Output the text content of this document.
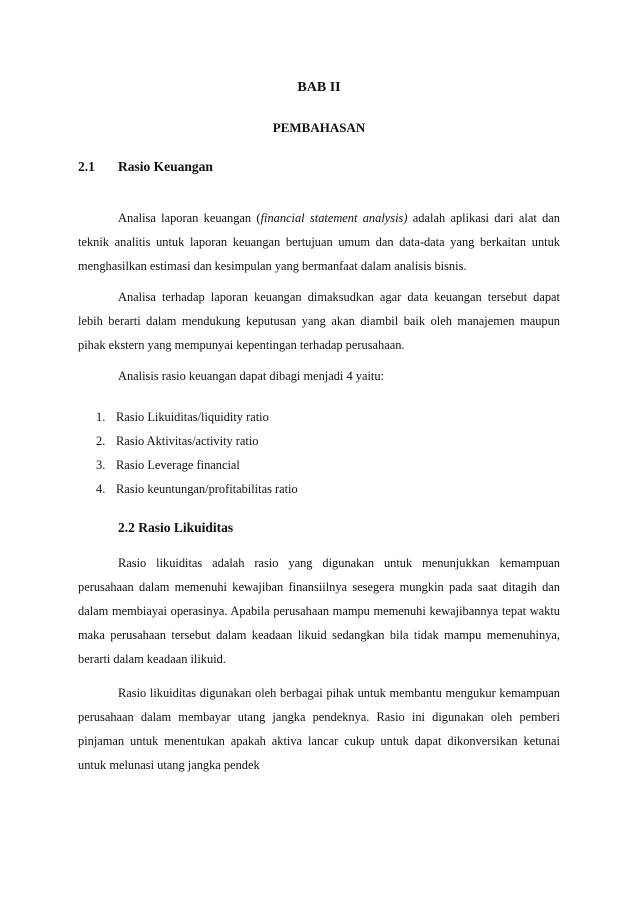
BAB II
PEMBAHASAN
2.1 Rasio Keuangan

Analisa laporan keuangan (financial statement analysis) adalah aplikasi dari alat dan teknik analitis untuk laporan keuangan bertujuan umum dan data-data yang berkaitan untuk menghasilkan estimasi dan kesimpulan yang bermanfaat dalam analisis bisnis.

Analisa terhadap laporan keuangan dimaksudkan agar data keuangan tersebut dapat lebih berarti dalam mendukung keputusan yang akan diambil baik oleh manajemen maupun pihak ekstern yang mempunyai kepentingan terhadap perusahaan.

Analisis rasio keuangan dapat dibagi menjadi 4 yaitu:

1. Rasio Likuiditas/liquidity ratio
2. Rasio Aktivitas/activity ratio
3. Rasio Leverage financial
4. Rasio keuntungan/profitabilitas ratio
2.2 Rasio Likuiditas

Rasio likuiditas adalah rasio yang digunakan untuk menunjukkan kemampuan perusahaan dalam memenuhi kewajiban finansiilnya sesegera mungkin pada saat ditagih dan dalam membiayai operasinya. Apabila perusahaan mampu memenuhi kewajibannya tepat waktu maka perusahaan tersebut dalam keadaan likuid sedangkan bila tidak mampu memenuhinya, berarti dalam keadaan ilikuid.

Rasio likuiditas digunakan oleh berbagai pihak untuk membantu mengukur kemampuan perusahaan dalam membayar utang jangka pendeknya. Rasio ini digunakan oleh pemberi pinjaman untuk menentukan apakah aktiva lancar cukup untuk dapat dikonversikan ketunai untuk melunasi utang jangka pendek
